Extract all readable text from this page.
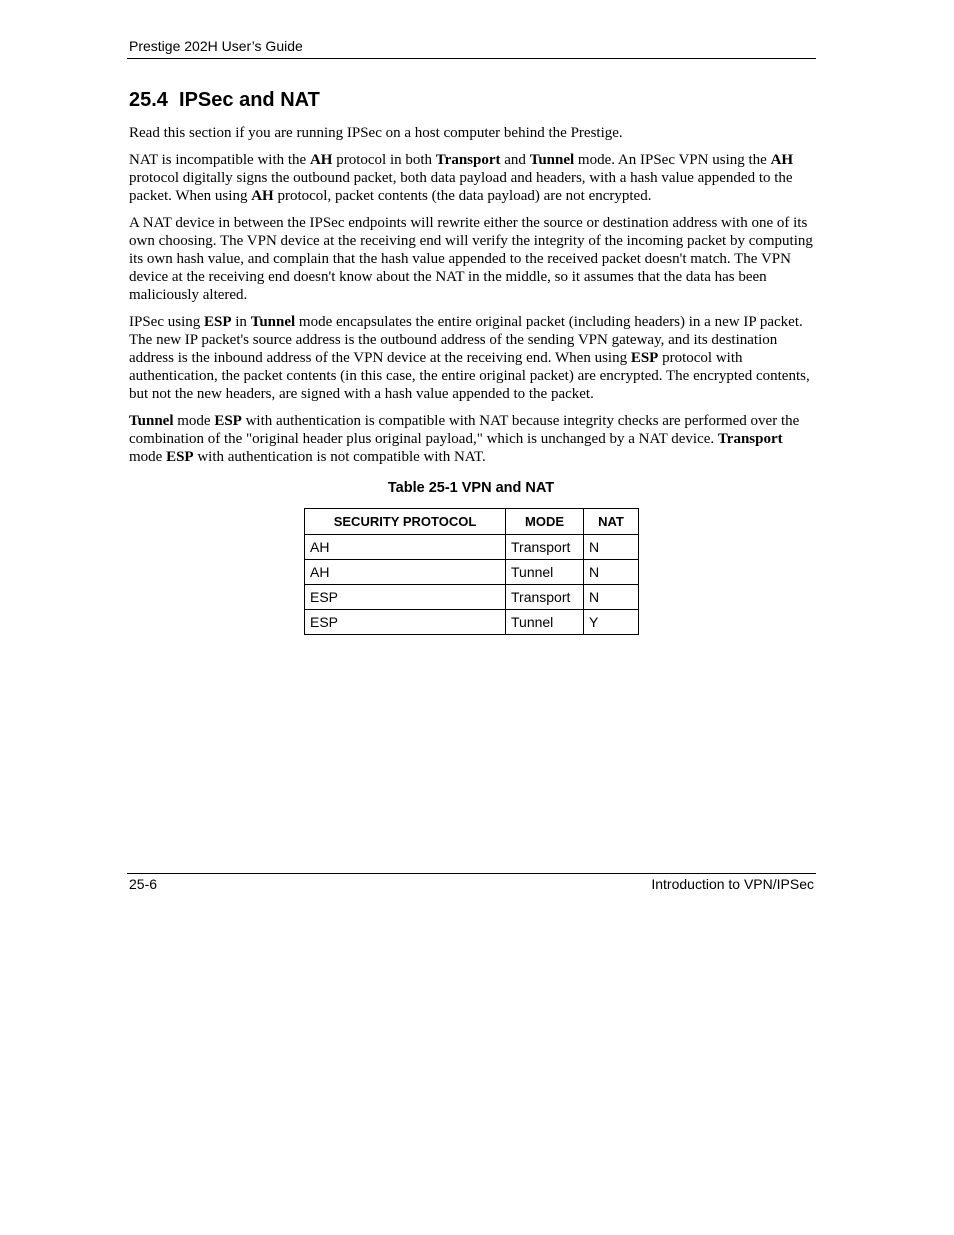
Prestige 202H User’s Guide
25.4  IPSec and NAT

Read this section if you are running IPSec on a host computer behind the Prestige.

NAT is incompatible with the AH protocol in both Transport and Tunnel mode. An IPSec VPN using the AH protocol digitally signs the outbound packet, both data payload and headers, with a hash value appended to the packet. When using AH protocol, packet contents (the data payload) are not encrypted.

A NAT device in between the IPSec endpoints will rewrite either the source or destination address with one of its own choosing. The VPN device at the receiving end will verify the integrity of the incoming packet by computing its own hash value, and complain that the hash value appended to the received packet doesn't match. The VPN device at the receiving end doesn't know about the NAT in the middle, so it assumes that the data has been maliciously altered.

IPSec using ESP in Tunnel mode encapsulates the entire original packet (including headers) in a new IP packet. The new IP packet's source address is the outbound address of the sending VPN gateway, and its destination address is the inbound address of the VPN device at the receiving end. When using ESP protocol with authentication, the packet contents (in this case, the entire original packet) are encrypted. The encrypted contents, but not the new headers, are signed with a hash value appended to the packet.

Tunnel mode ESP with authentication is compatible with NAT because integrity checks are performed over the combination of the "original header plus original payload," which is unchanged by a NAT device. Transport mode ESP with authentication is not compatible with NAT.

Table 25-1 VPN and NAT
SECURITY PROTOCOL	MODE	NAT
AH	Transport	N
AH	Tunnel	N
ESP	Transport	N
ESP	Tunnel	Y
25-6	Introduction to VPN/IPSec
